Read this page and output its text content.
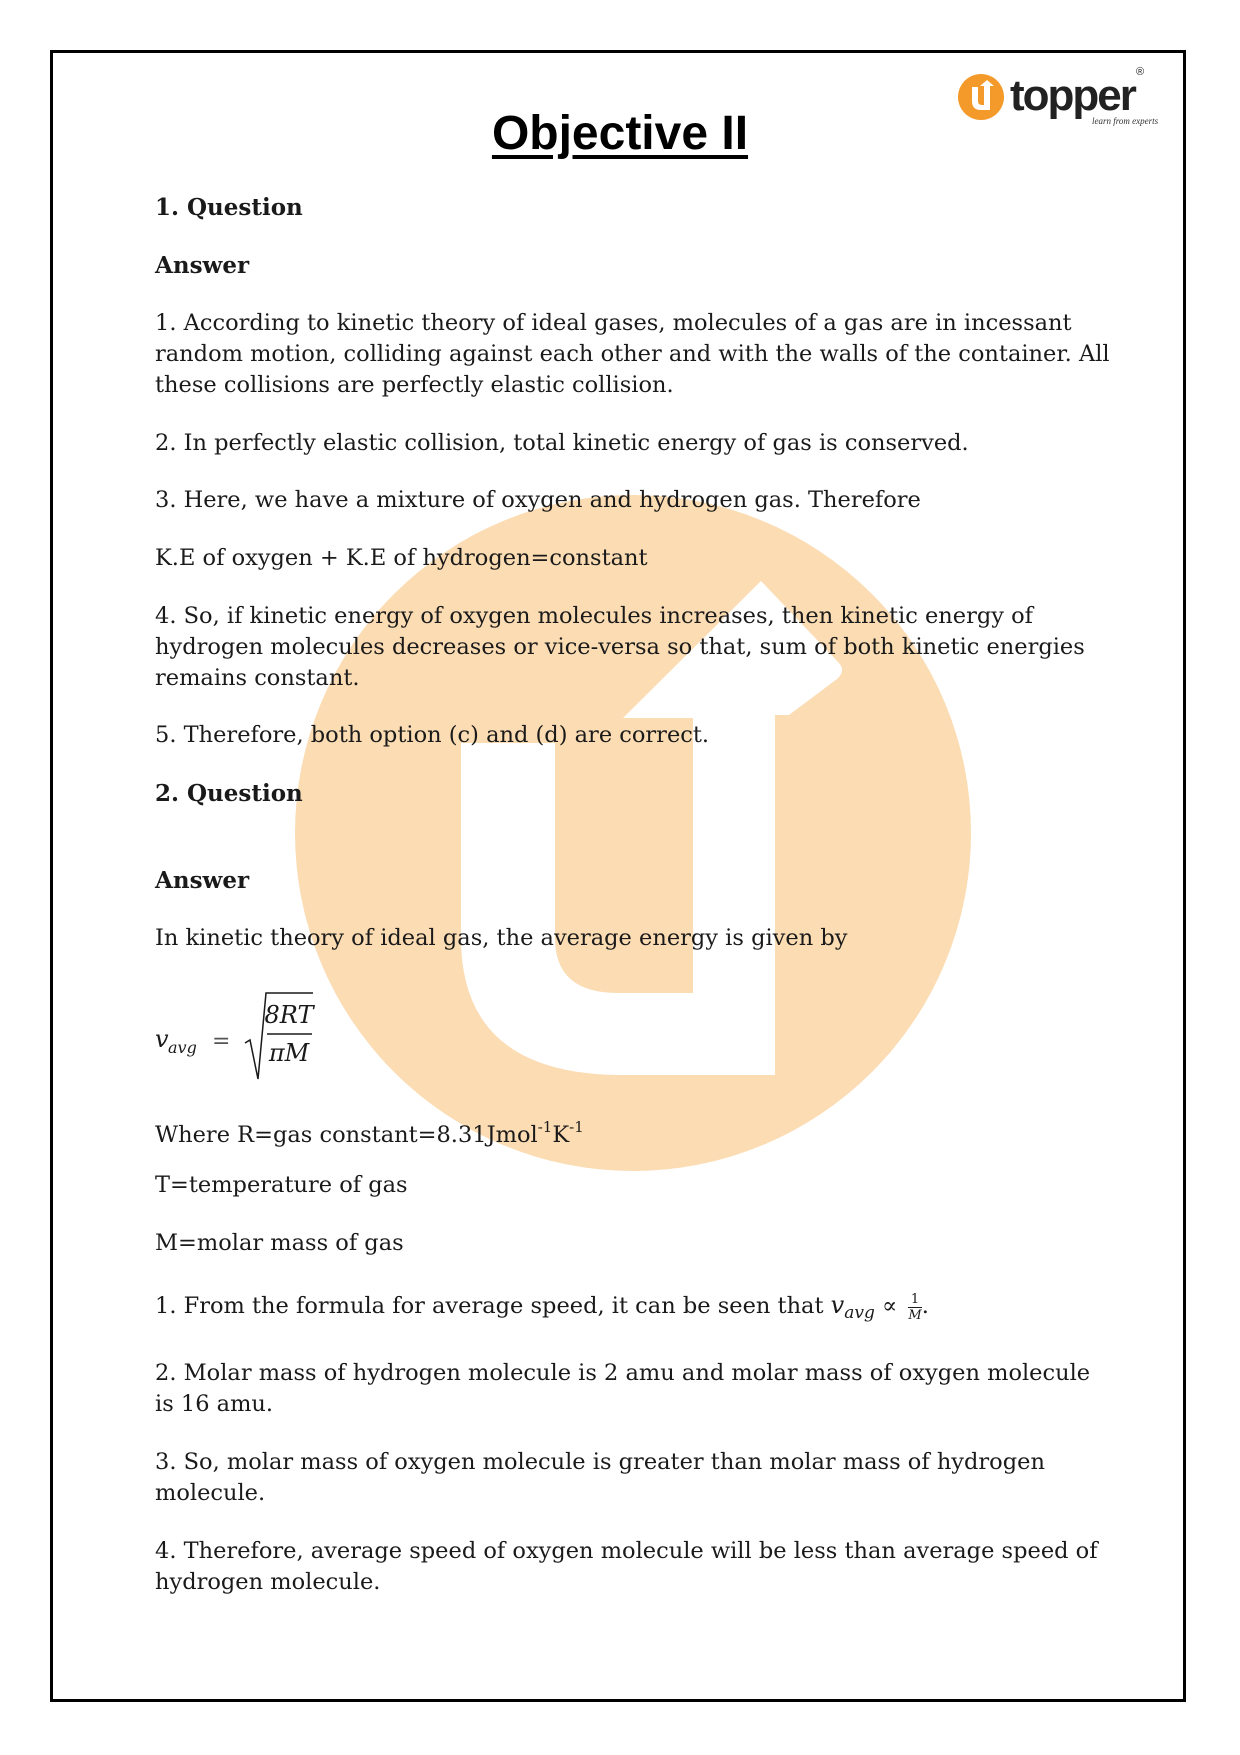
topper ®
learn from experts
Objective II

1. Question

Answer

1. According to kinetic theory of ideal gases, molecules of a gas are in incessant
random motion, colliding against each other and with the walls of the container. All
these collisions are perfectly elastic collision.

2. In perfectly elastic collision, total kinetic energy of gas is conserved.

3. Here, we have a mixture of oxygen and hydrogen gas. Therefore

K.E of oxygen + K.E of hydrogen=constant

4. So, if kinetic energy of oxygen molecules increases, then kinetic energy of
hydrogen molecules decreases or vice-versa so that, sum of both kinetic energies
remains constant.

5. Therefore, both option (c) and (d) are correct.

2. Question

Answer

In kinetic theory of ideal gas, the average energy is given by

v avg =
8RT
πM

Where R=gas $constant=8.31Jmol^{-1}K^{-1}$

T=temperature of gas

M=molar mass of gas

1. From the formula for average speed, it can be seen that $v_{avg} \propto \frac{1}{M}$ .

2. Molar mass of hydrogen molecule is 2 amu and molar mass of oxygen molecule
is 16 amu.

3. So, molar mass of oxygen molecule is greater than molar mass of hydrogen
molecule.

4. Therefore, average speed of oxygen molecule will be less than average speed of
hydrogen molecule.
